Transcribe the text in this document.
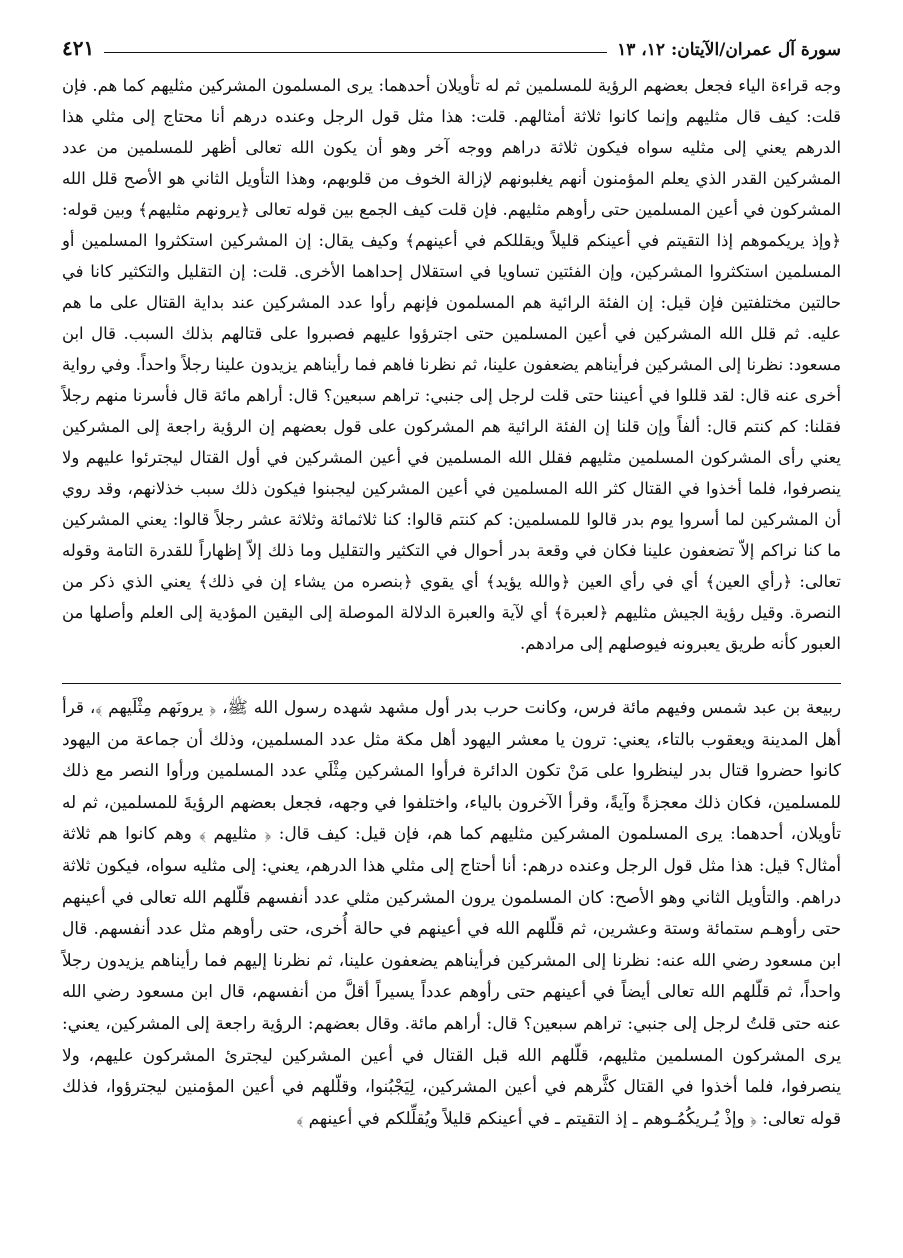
سورة آل عمران/الآيتان: ١٢، ١٣
٤٢١

وجه قراءة الياء فجعل بعضهم الرؤية للمسلمين ثم له تأويلان أحدهما: يرى المسلمون المشركين مثليهم كما هم. فإن قلت: كيف قال مثليهم وإنما كانوا ثلاثة أمثالهم. قلت: هذا مثل قول الرجل وعنده درهم أنا محتاج إلى مثلي هذا الدرهم يعني إلى مثليه سواه فيكون ثلاثة دراهم ووجه آخر وهو أن يكون الله تعالى أظهر للمسلمين من عدد المشركين القدر الذي يعلم المؤمنون أنهم يغلبونهم لإزالة الخوف من قلوبهم، وهذا التأويل الثاني هو الأصح قلل الله المشركون في أعين المسلمين حتى رأوهم مثليهم. فإن قلت كيف الجمع بين قوله تعالى ﴿يرونهم مثليهم﴾ وبين قوله: ﴿وإذ يريكموهم إذا التقيتم في أعينكم قليلاً ويقللكم في أعينهم﴾ وكيف يقال: إن المشركين استكثروا المسلمين أو المسلمين استكثروا المشركين، وإن الفئتين تساويا في استقلال إحداهما الأخرى. قلت: إن التقليل والتكثير كانا في حالتين مختلفتين فإن قيل: إن الفئة الرائية هم المسلمون فإنهم رأوا عدد المشركين عند بداية القتال على ما هم عليه. ثم قلل الله المشركين في أعين المسلمين حتى اجترؤوا عليهم فصبروا على قتالهم بذلك السبب. قال ابن مسعود: نظرنا إلى المشركين فرأيناهم يضعفون علينا، ثم نظرنا فاهم فما رأيناهم يزيدون علينا رجلاً واحداً. وفي رواية أخرى عنه قال: لقد قللوا في أعيننا حتى قلت لرجل إلى جنبي: تراهم سبعين؟ قال: أراهم مائة قال فأسرنا منهم رجلاً فقلنا: كم كنتم قال: ألفاً وإن قلنا إن الفئة الرائية هم المشركون على قول بعضهم إن الرؤية راجعة إلى المشركين يعني رأى المشركون المسلمين مثليهم فقلل الله المسلمين في أعين المشركين في أول القتال ليجترئوا عليهم ولا ينصرفوا، فلما أخذوا في القتال كثر الله المسلمين في أعين المشركين ليجبنوا فيكون ذلك سبب خذلانهم، وقد روي أن المشركين لما أسروا يوم بدر قالوا للمسلمين: كم كنتم قالوا: كنا ثلاثمائة وثلاثة عشر رجلاً قالوا: يعني المشركين ما كنا نراكم إلاّ تضعفون علينا فكان في وقعة بدر أحوال في التكثير والتقليل وما ذلك إلاّ إظهاراً للقدرة التامة وقوله تعالى: ﴿رأي العين﴾ أي في رأي العين ﴿والله يؤيد﴾ أي يقوي ﴿بنصره من يشاء إن في ذلك﴾ يعني الذي ذكر من النصرة. وقيل رؤية الجيش مثليهم ﴿لعبرة﴾ أي لآية والعبرة الدلالة الموصلة إلى اليقين المؤدية إلى العلم وأصلها من العبور كأنه طريق يعبرونه فيوصلهم إلى مرادهم.

ربيعة بن عبد شمس وفيهم مائة فرس، وكانت حرب بدر أول مشهد شهده رسول الله ﷺ، ﴿ يرونَهم مِثْلَيهم ﴾، قرأ أهل المدينة ويعقوب بالتاء، يعني: ترون يا معشر اليهود أهل مكة مثل عدد المسلمين، وذلك أن جماعة من اليهود كانوا حضروا قتال بدر لينظروا على مَنْ تكون الدائرة فرأوا المشركين مِثْلَي عدد المسلمين ورأوا النصر مع ذلك للمسلمين، فكان ذلك معجزةً وآيةً، وقرأ الآخرون بالياء، واختلفوا في وجهه، فجعل بعضهم الرؤيةَ للمسلمين، ثم له تأويلان، أحدهما: يرى المسلمون المشركين مثليهم كما هم، فإن قيل: كيف قال: ﴿ مثليهم ﴾ وهم كانوا هم ثلاثة أمثال؟ قيل: هذا مثل قول الرجل وعنده درهم: أنا أحتاج إلى مثلي هذا الدرهم، يعني: إلى مثليه سواه، فيكون ثلاثة دراهم. والتأويل الثاني وهو الأصح: كان المسلمون يرون المشركين مثلي عدد أنفسهم قلّلهم الله تعالى في أعينهم حتى رأوهـم ستمائة وستة وعشرين، ثم قلّلهم الله في أعينهم في حالة أُخرى، حتى رأوهم مثل عدد أنفسهم. قال ابن مسعود رضي الله عنه: نظرنا إلى المشركين فرأيناهم يضعفون علينا، ثم نظرنا إليهم فما رأيناهم يزيدون رجلاً واحداً، ثم قلّلهم الله تعالى أيضاً في أعينهم حتى رأوهم عدداً يسيراً أقلَّ من أنفسهم، قال ابن مسعود رضي الله عنه حتى قلتُ لرجل إلى جنبي: تراهم سبعين؟ قال: أراهم مائة. وقال بعضهم: الرؤية راجعة إلى المشركين، يعني: يرى المشركون المسلمين مثليهم، قلّلهم الله قبل القتال في أعين المشركين ليجترئ المشركون عليهم، ولا ينصرفوا، فلما أخذوا في القتال كثَّرهم في أعين المشركين، لِيَجْبُنوا، وقلّلهم في أعين المؤمنين ليجترؤوا، فذلك قوله تعالى: ﴿ وإذْ يُـريكُمُـوهم ـ إذ التقيتم ـ في أعينكم قليلاً ويُقلِّلكم في أعينهم ﴾
